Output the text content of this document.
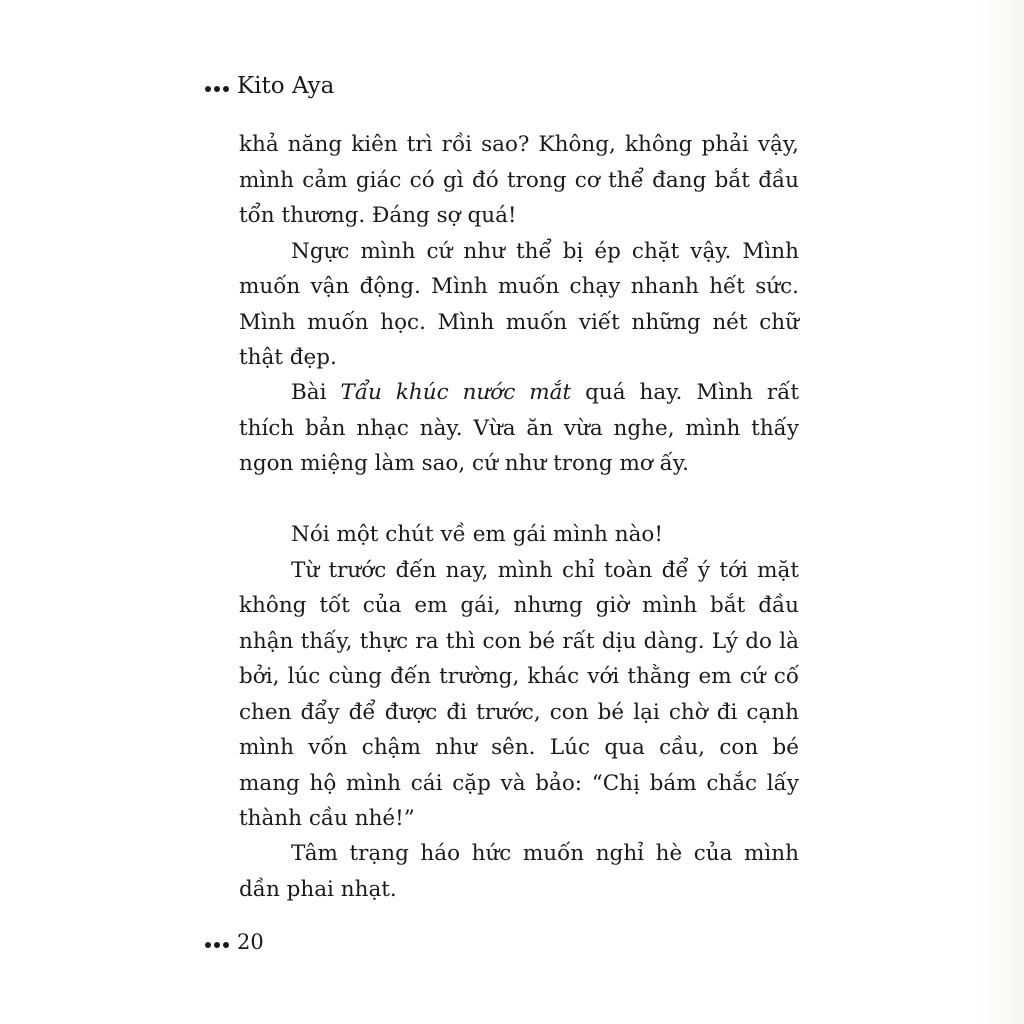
Kito Aya

khả năng kiên trì rồi sao? Không, không phải vậy, mình cảm giác có gì đó trong cơ thể đang bắt đầu tổn thương. Đáng sợ quá!

Ngực mình cứ như thể bị ép chặt vậy. Mình muốn vận động. Mình muốn chạy nhanh hết sức. Mình muốn học. Mình muốn viết những nét chữ thật đẹp.

Bài Tẩu khúc nước mắt quá hay. Mình rất thích bản nhạc này. Vừa ăn vừa nghe, mình thấy ngon miệng làm sao, cứ như trong mơ ấy.

Nói một chút về em gái mình nào!

Từ trước đến nay, mình chỉ toàn để ý tới mặt không tốt của em gái, nhưng giờ mình bắt đầu nhận thấy, thực ra thì con bé rất dịu dàng. Lý do là bởi, lúc cùng đến trường, khác với thằng em cứ cố chen đẩy để được đi trước, con bé lại chờ đi cạnh mình vốn chậm như sên. Lúc qua cầu, con bé mang hộ mình cái cặp và bảo: “Chị bám chắc lấy thành cầu nhé!”

Tâm trạng háo hức muốn nghỉ hè của mình dần phai nhạt.

20
